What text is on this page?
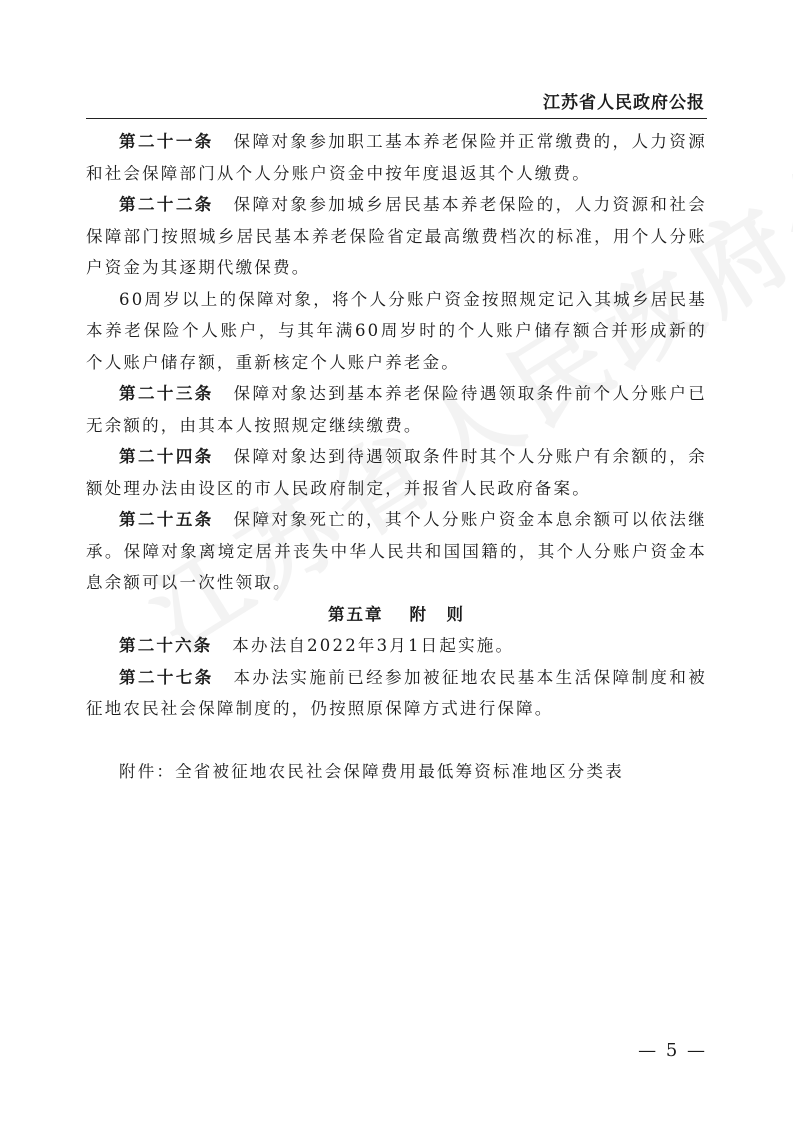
江苏省人民政府公报

第二十一条 保障对象参加职工基本养老保险并正常缴费的，人力资源和社会保障部门从个人分账户资金中按年度退返其个人缴费。

第二十二条 保障对象参加城乡居民基本养老保险的，人力资源和社会保障部门按照城乡居民基本养老保险省定最高缴费档次的标准，用个人分账户资金为其逐期代缴保费。

60周岁以上的保障对象，将个人分账户资金按照规定记入其城乡居民基本养老保险个人账户，与其年满60周岁时的个人账户储存额合并形成新的个人账户储存额，重新核定个人账户养老金。

第二十三条 保障对象达到基本养老保险待遇领取条件前个人分账户已无余额的，由其本人按照规定继续缴费。

第二十四条 保障对象达到待遇领取条件时其个人分账户有余额的，余额处理办法由设区的市人民政府制定，并报省人民政府备案。

第二十五条 保障对象死亡的，其个人分账户资金本息余额可以依法继承。保障对象离境定居并丧失中华人民共和国国籍的，其个人分账户资金本息余额可以一次性领取。

第五章 附　则

第二十六条 本办法自2022年3月1日起实施。

第二十七条 本办法实施前已经参加被征地农民基本生活保障制度和被征地农民社会保障制度的，仍按照原保障方式进行保障。

附件：全省被征地农民社会保障费用最低筹资标准地区分类表

— 5 —
